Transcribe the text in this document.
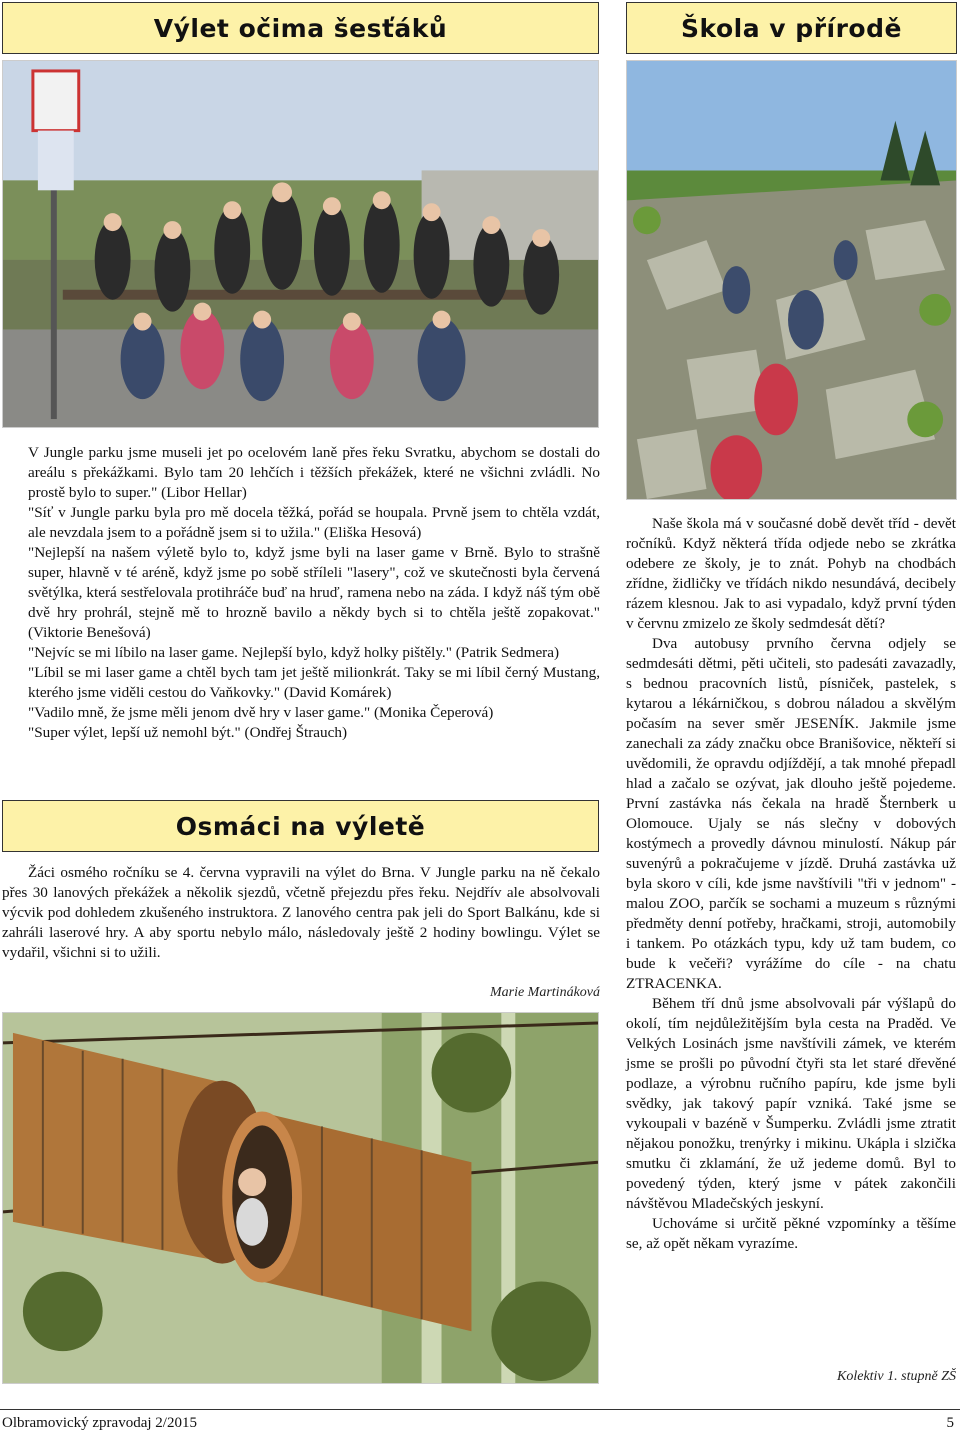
Výlet očima šesťáků	Škola v přírodě

V Jungle parku jsme museli jet po ocelovém laně přes řeku Svratku, abychom se dostali do areálu s překážkami. Bylo tam 20 lehčích i těžších překážek, které ne všichni zvládli. No prostě bylo to super." (Libor Hellar)

"Síť v Jungle parku byla pro mě docela těžká, pořád se houpala. Prvně jsem to chtěla vzdát, ale nevzdala jsem to a pořádně jsem si to užila." (Eliška Hesová)

"Nejlepší na našem výletě bylo to, když jsme byli na laser game v Brně. Bylo to strašně super, hlavně v té aréně, když jsme po sobě stříleli "lasery", což ve skutečnosti byla červená světýlka, která sestřelovala protihráče buď na hruď, ramena nebo na záda. I když náš tým obě dvě hry prohrál, stejně mě to hrozně bavilo a někdy bych si to chtěla ještě zopakovat." (Viktorie Benešová)

"Nejvíc se mi líbilo na laser game. Nejlepší bylo, když holky pištěly." (Patrik Sedmera)

"Líbil se mi laser game a chtěl bych tam jet ještě milionkrát. Taky se mi líbil černý Mustang, kterého jsme viděli cestou do Vaňkovky." (David Komárek)

"Vadilo mně, že jsme měli jenom dvě hry v laser game." (Monika Čeperová)

"Super výlet, lepší už nemohl být." (Ondřej Štrauch)

Osmáci na výletě

Žáci osmého ročníku se 4. června vypravili na výlet do Brna. V Jungle parku na ně čekalo přes 30 lanových překážek a několik sjezdů, včetně přejezdu přes řeku. Nejdřív ale absolvovali výcvik pod dohledem zkušeného instruktora. Z lanového centra pak jeli do Sport Balkánu, kde si zahráli laserové hry. A aby sportu nebylo málo, následovaly ještě 2 hodiny bowlingu. Výlet se vydařil, všichni si to užili.

Marie Martináková

Naše škola má v současné době devět tříd - devět ročníků. Když některá třída odjede nebo se zkrátka odebere ze školy, je to znát. Pohyb na chodbách zřídne, židličky ve třídách nikdo nesundává, decibely rázem klesnou. Jak to asi vypadalo, když první týden v červnu zmizelo ze školy sedmdesát dětí?

Dva autobusy prvního června odjely se sedmdesáti dětmi, pěti učiteli, sto padesáti zavazadly, s bednou pracovních listů, písniček, pastelek, s kytarou a lékárničkou, s dobrou náladou a skvělým počasím na sever směr JESENÍK. Jakmile jsme zanechali za zády značku obce Branišovice, někteří si uvědomili, že opravdu odjíždějí, a tak mnohé přepadl hlad a začalo se ozývat, jak dlouho ještě pojedeme. První zastávka nás čekala na hradě Šternberk u Olomouce. Ujaly se nás slečny v dobových kostýmech a provedly dávnou minulostí. Nákup pár suvenýrů a pokračujeme v jízdě. Druhá zastávka už byla skoro v cíli, kde jsme navštívili "tři v jednom" - malou ZOO, parčík se sochami a muzeum s různými předměty denní potřeby, hračkami, stroji, automobily i tankem. Po otázkách typu, kdy už tam budem, co bude k večeři? vyrážíme do cíle - na chatu ZTRACENKA.

Během tří dnů jsme absolvovali pár výšlapů do okolí, tím nejdůležitějším byla cesta na Praděd. Ve Velkých Losinách jsme navštívili zámek, ve kterém jsme se prošli po původní čtyři sta let staré dřevěné podlaze, a výrobnu ručního papíru, kde jsme byli svědky, jak takový papír vzniká. Také jsme se vykoupali v bazéně v Šumperku. Zvládli jsme ztratit nějakou ponožku, trenýrky i mikinu. Ukápla i slzička smutku či zklamání, že už jedeme domů. Byl to povedený týden, který jsme v pátek zakončili návštěvou Mladečských jeskyní.

Uchováme si určitě pěkné vzpomínky a těšíme se, až opět někam vyrazíme.

Kolektiv 1. stupně ZŠ
Olbramovický zpravodaj 2/2015	5
